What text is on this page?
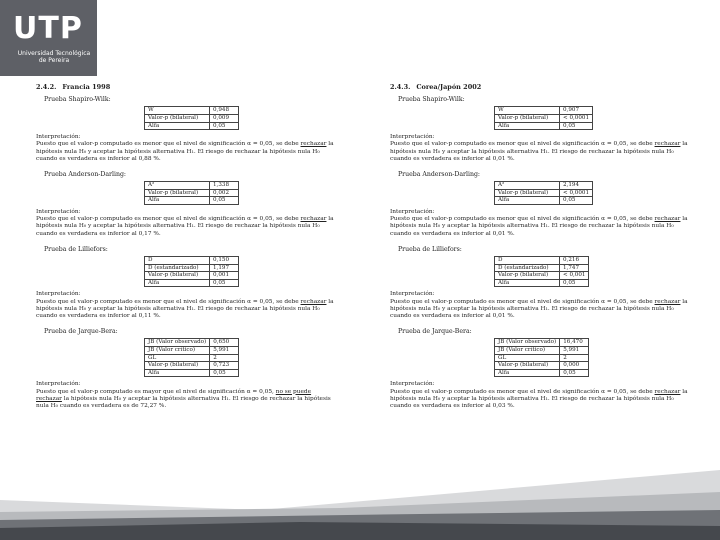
UTP
Universidad Tecnológica de Pereira
2.4.2. Francia 1998
Prueba Shapiro-Wilk:
W	0,948
Valor-p (bilateral)	0,009
Alfa	0,05
Interpretación:
Puesto que el valor-p computado es menor que el nivel de significación α = 0,05, se debe rechazar la hipótesis nula H₀ y aceptar la hipótesis alternativa H₁. El riesgo de rechazar la hipótesis nula H₀ cuando es verdadera es inferior al 0,88 %.
Prueba Anderson-Darling:
A²	1,338
Valor-p (bilateral)	0,002
Alfa	0,05
Interpretación:
Puesto que el valor-p computado es menor que el nivel de significación α = 0,05, se debe rechazar la hipótesis nula H₀ y aceptar la hipótesis alternativa H₁. El riesgo de rechazar la hipótesis nula H₀ cuando es verdadera es inferior al 0,17 %.
Prueba de Lilliefors:
D	0,150
D (estandarizado)	1,197
Valor-p (bilateral)	0,001
Alfa	0,05
Interpretación:
Puesto que el valor-p computado es menor que el nivel de significación α = 0,05, se debe rechazar la hipótesis nula H₀ y aceptar la hipótesis alternativa H₁. El riesgo de rechazar la hipótesis nula H₀ cuando es verdadera es inferior al 0,11 %.
Prueba de Jarque-Bera:
JB (Valor observado)	0,650
JB (Valor crítico)	5,991
GL	2
Valor-p (bilateral)	0,723
Alfa	0,05
Interpretación:
Puesto que el valor-p computado es mayor que el nivel de significación α = 0,05, no se puede rechazar la hipótesis nula H₀ y aceptar la hipótesis alternativa H₁. El riesgo de rechazar la hipótesis nula H₀ cuando es verdadera es de 72,27 %.
2.4.3. Corea/Japón 2002
Prueba Shapiro-Wilk:
W	0,907
Valor-p (bilateral)	< 0,0001
Alfa	0,05
Interpretación:
Puesto que el valor-p computado es menor que el nivel de significación α = 0,05, se debe rechazar la hipótesis nula H₀ y aceptar la hipótesis alternativa H₁. El riesgo de rechazar la hipótesis nula H₀ cuando es verdadera es inferior al 0,01 %.
Prueba Anderson-Darling:
A²	2,194
Valor-p (bilateral)	< 0,0001
Alfa	0,05
Interpretación:
Puesto que el valor-p computado es menor que el nivel de significación α = 0,05, se debe rechazar la hipótesis nula H₀ y aceptar la hipótesis alternativa H₁. El riesgo de rechazar la hipótesis nula H₀ cuando es verdadera es inferior al 0,01 %.
Prueba de Lilliefors:
D	0,216
D (estandarizado)	1,747
Valor-p (bilateral)	< 0,001
Alfa	0,05
Interpretación:
Puesto que el valor-p computado es menor que el nivel de significación α = 0,05, se debe rechazar la hipótesis nula H₀ y aceptar la hipótesis alternativa H₁. El riesgo de rechazar la hipótesis nula H₀ cuando es verdadera es inferior al 0,01 %.
Prueba de Jarque-Bera:
JB (Valor observado)	16,470
JB (Valor crítico)	5,991
GL	2
Valor-p (bilateral)	0,000
Alfa	0,05
Interpretación:
Puesto que el valor-p computado es menor que el nivel de significación α = 0,05, se debe rechazar la hipótesis nula H₀ y aceptar la hipótesis alternativa H₁. El riesgo de rechazar la hipótesis nula H₀ cuando es verdadera es inferior al 0,03 %.
